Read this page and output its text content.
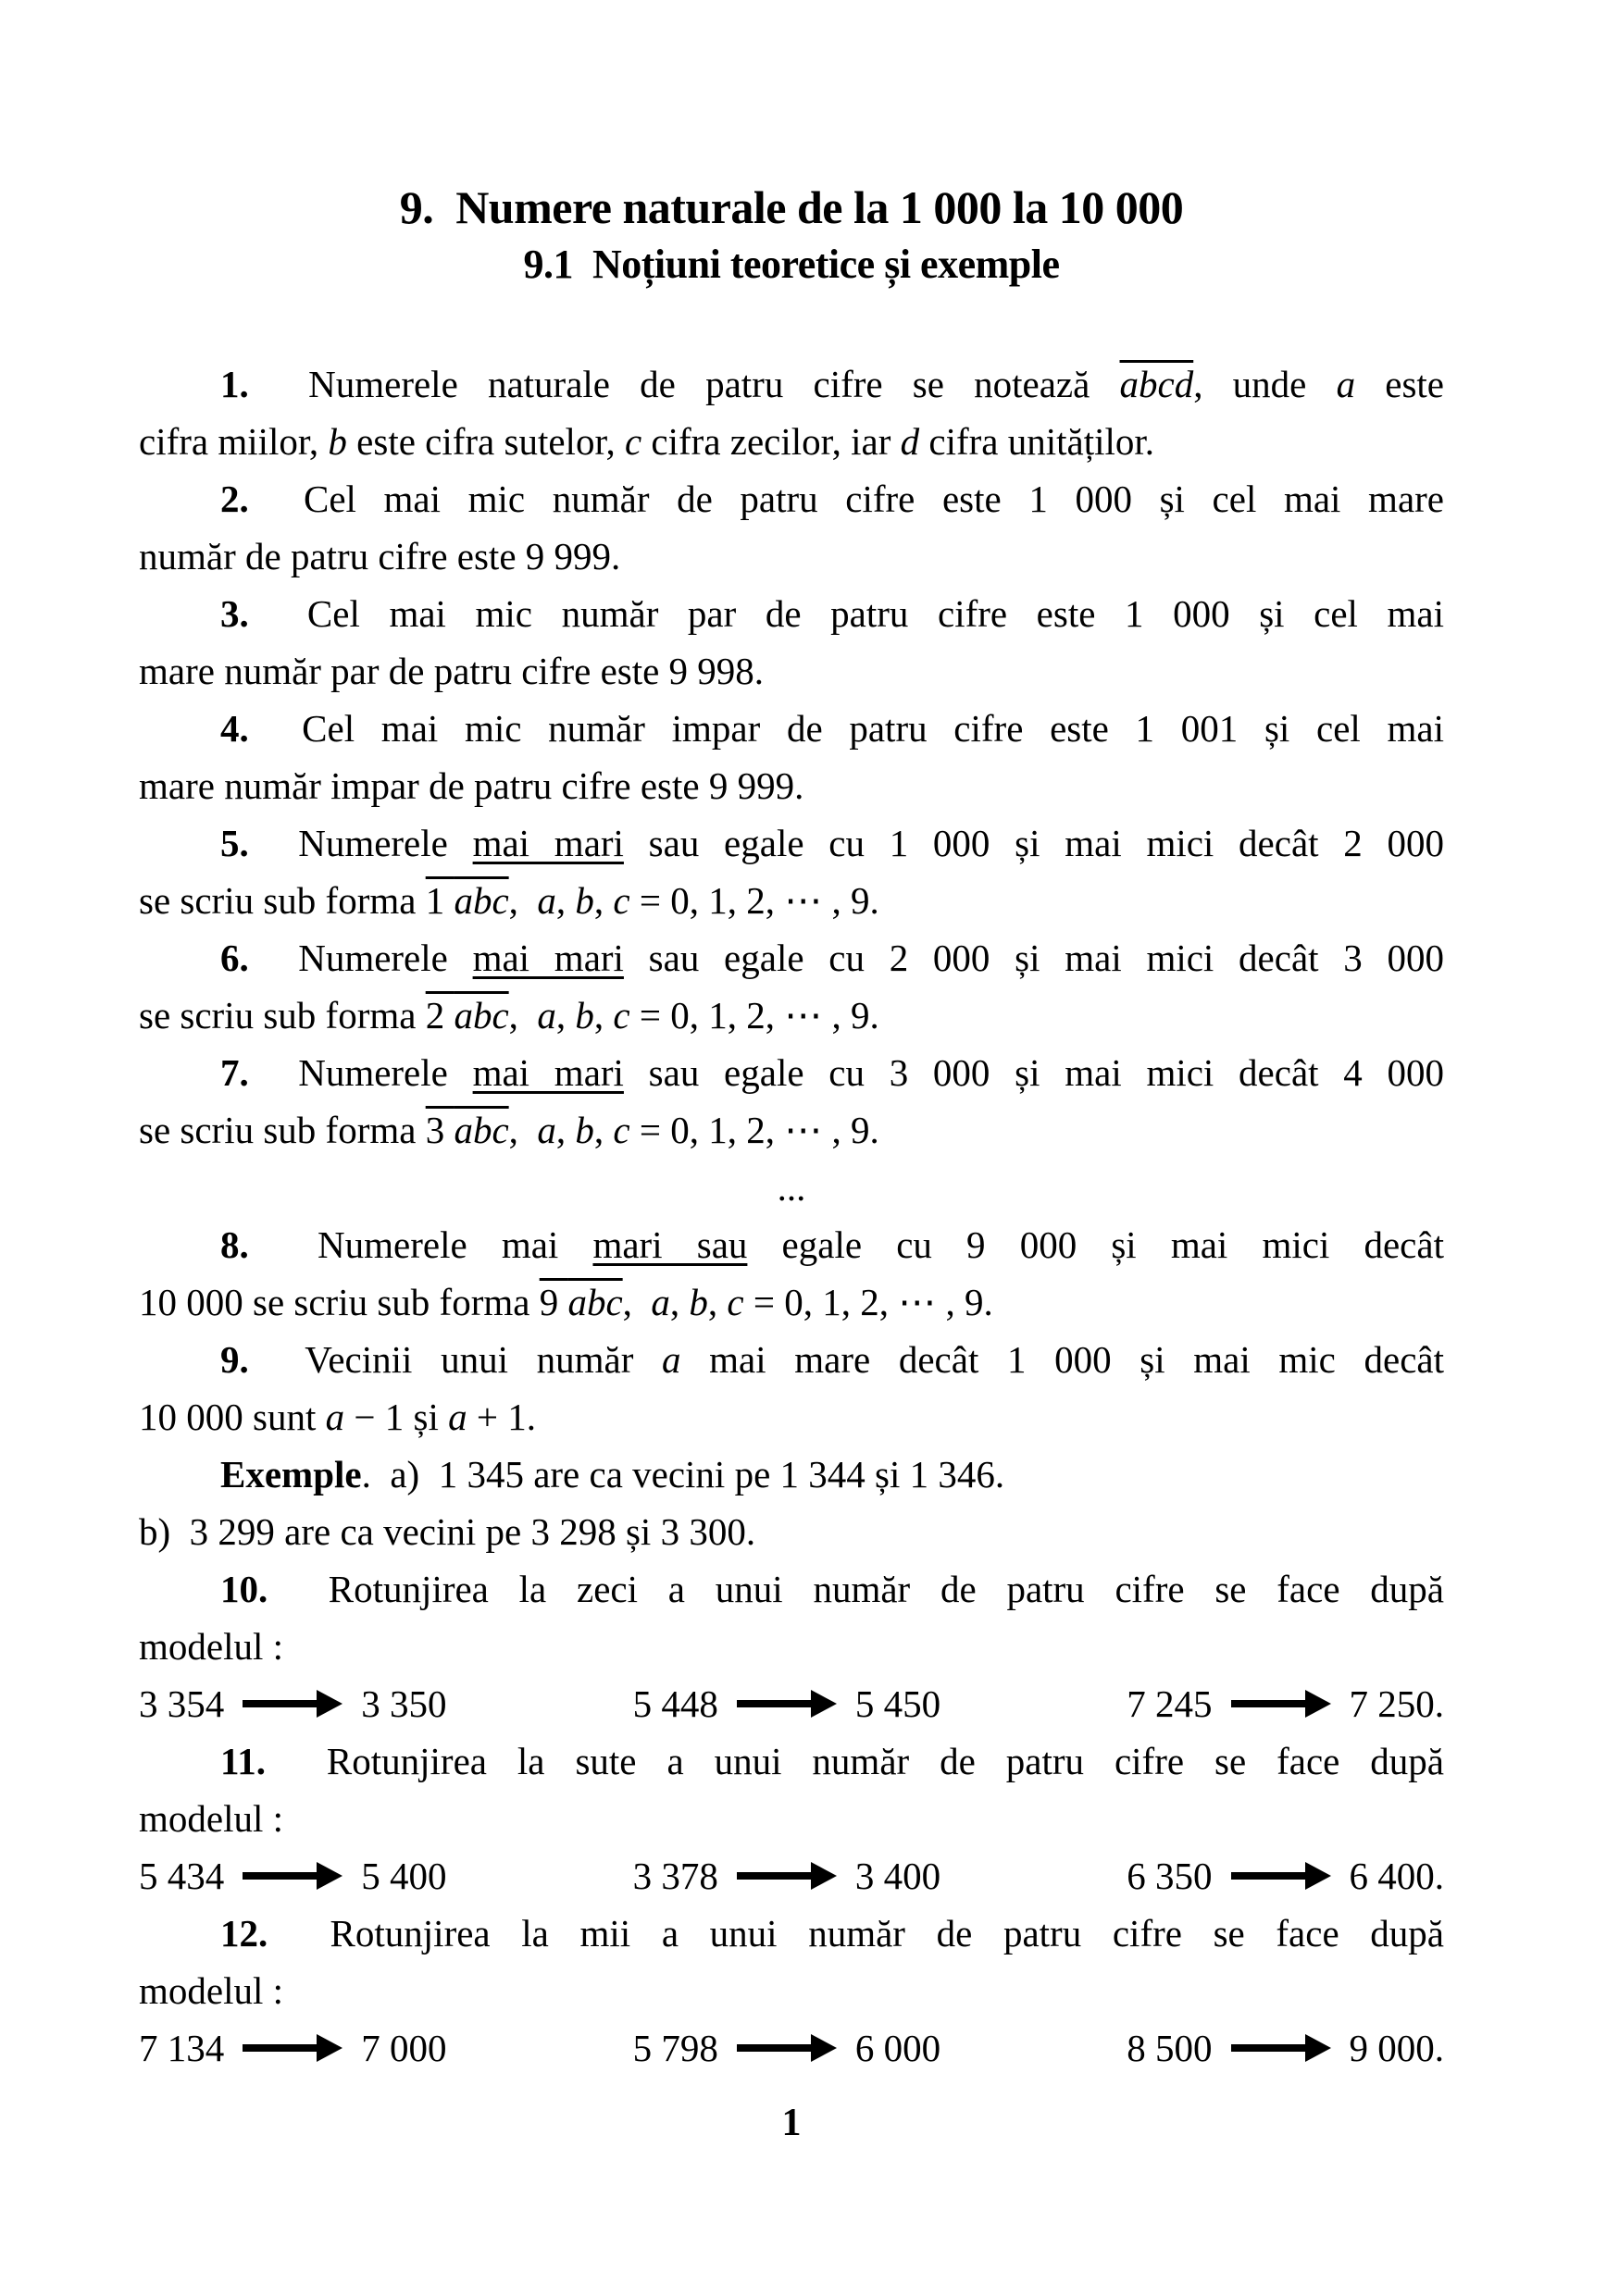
9.  Numere naturale de la 1 000 la 10 000
9.1  Noțiuni teoretice și exemple
1.  Numerele naturale de patru cifre se notează abcd, unde a este
cifra miilor, b este cifra sutelor, c cifra zecilor, iar d cifra unităților.
2.  Cel mai mic număr de patru cifre este 1 000 și cel mai mare
număr de patru cifre este 9 999.
3.  Cel mai mic număr par de patru cifre este 1 000 și cel mai
mare număr par de patru cifre este 9 998.
4.  Cel mai mic număr impar de patru cifre este 1 001 și cel mai
mare număr impar de patru cifre este 9 999.
5.  Numerele mai mari sau egale cu 1 000 și mai mici decât 2 000
se scriu sub forma 1 $\overline{abc}$,  a, b, c = 0, 1, 2, ⋯ , 9.
6.  Numerele mai mari sau egale cu 2 000 și mai mici decât 3 000
se scriu sub forma 2 $\overline{abc}$,  a, b, c = 0, 1, 2, ⋯ , 9.
7.  Numerele mai mari sau egale cu 3 000 și mai mici decât 4 000
se scriu sub forma 3 $\overline{abc}$,  a, b, c = 0, 1, 2, ⋯ , 9.
...
8.  Numerele mai mari sau egale cu 9 000 și mai mici decât
10 000 se scriu sub forma 9 $\overline{abc}$,  a, b, c = 0, 1, 2, ⋯ , 9.
9.  Vecinii unui număr a mai mare decât 1 000 și mai mic decât
10 000 sunt a − 1 și a + 1.
Exemple.  a)  1 345 are ca vecini pe 1 344 și 1 346.
b)  3 299 are ca vecini pe 3 298 și 3 300.
10.  Rotunjirea la zeci a unui număr de patru cifre se face după
modelul :
3 354	3 350	5 448	5 450	7 245	7 250.
11.  Rotunjirea la sute a unui număr de patru cifre se face după
modelul :
5 434	5 400	3 378	3 400	6 350	6 400.
12.  Rotunjirea la mii a unui număr de patru cifre se face după
modelul :
7 134	7 000	5 798	6 000	8 500	9 000.
1
